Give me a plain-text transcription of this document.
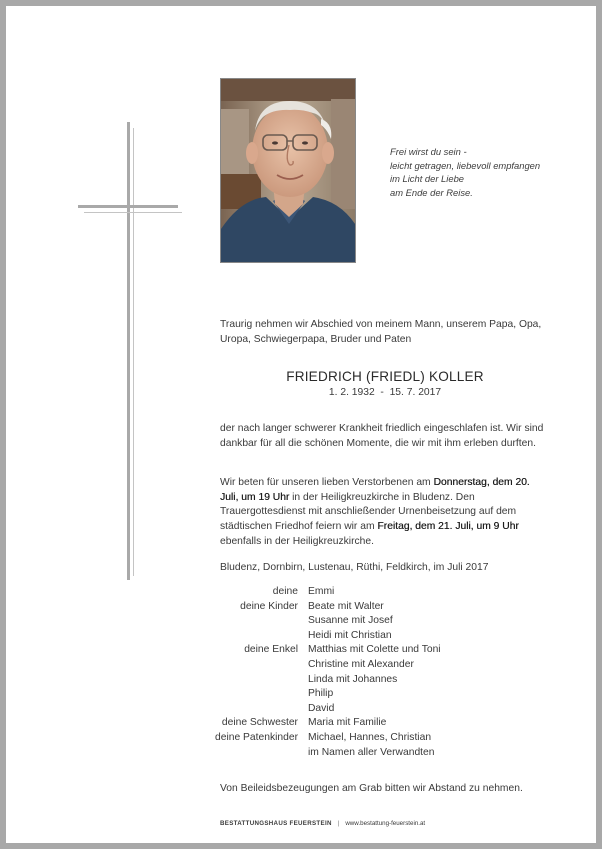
Frei wirst du sein -
leicht getragen, liebevoll empfangen
im Licht der Liebe
am Ende der Reise.

Traurig nehmen wir Abschied von meinem Mann, unserem Papa, Opa, Uropa, Schwiegerpapa, Bruder und Paten

FRIEDRICH (FRIEDL) KOLLER
1. 2. 1932  -  15. 7. 2017

der nach langer schwerer Krankheit friedlich eingeschlafen ist. Wir sind dankbar für all die schönen Momente, die wir mit ihm erleben durften.

Wir beten für unseren lieben Verstorbenen am Donnerstag, dem 20. Juli, um 19 Uhr in der Heiligkreuzkirche in Bludenz. Den Trauergottesdienst mit anschließender Urnenbeisetzung auf dem städtischen Friedhof feiern wir am Freitag, dem 21. Juli, um 9 Uhr ebenfalls in der Heiligkreuzkirche.

Bludenz, Dornbirn, Lustenau, Rüthi, Feldkirch, im Juli 2017

deine Emmi
deine Kinder Beate mit Walter
Susanne mit Josef
Heidi mit Christian
deine Enkel Matthias mit Colette und Toni
Christine mit Alexander
Linda mit Johannes
Philip
David
deine Schwester Maria mit Familie
deine Patenkinder Michael, Hannes, Christian
im Namen aller Verwandten

Von Beileidsbezeugungen am Grab bitten wir Abstand zu nehmen.

BESTATTUNGSHAUS FEUERSTEIN | www.bestattung-feuerstein.at
